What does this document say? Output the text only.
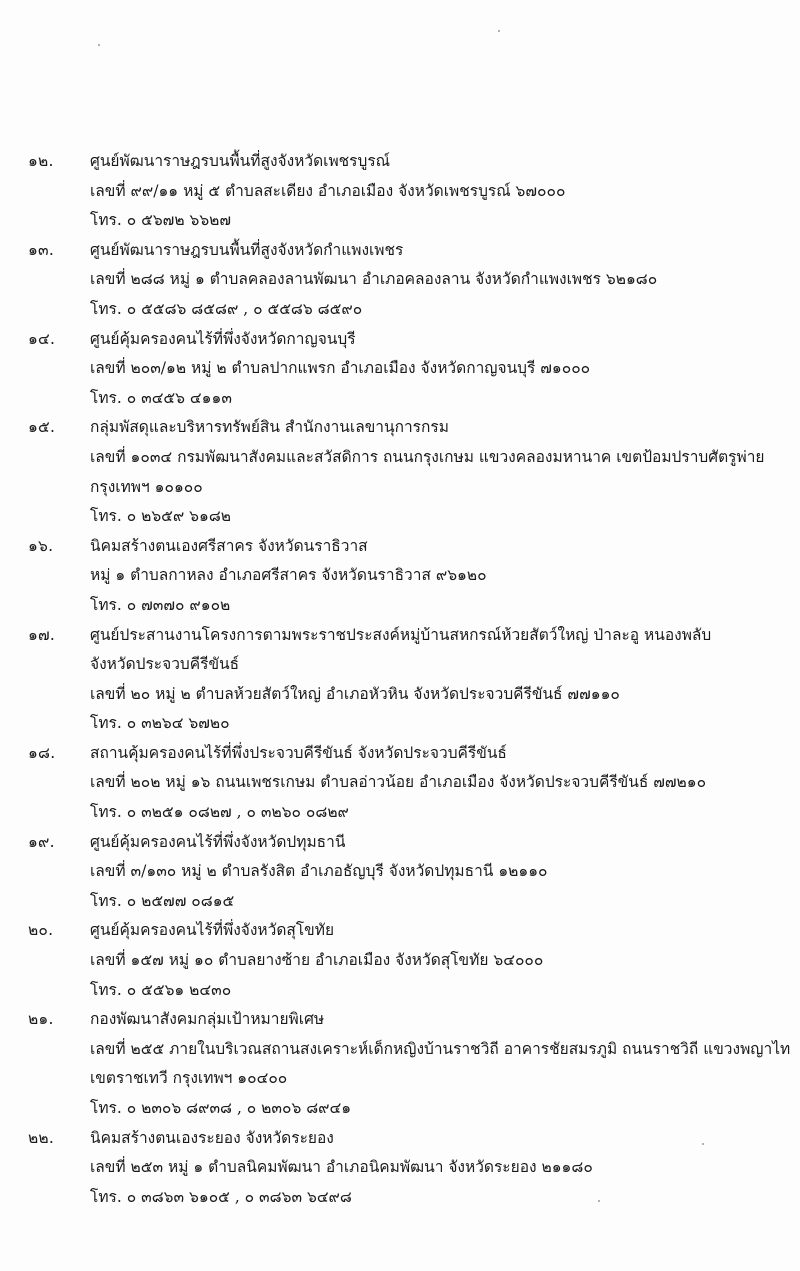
๑๒.	ศูนย์พัฒนาราษฎรบนพื้นที่สูงจังหวัดเพชรบูรณ์
เลขที่ ๙๙/๑๑ หมู่ ๕ ตำบลสะเดียง อำเภอเมือง จังหวัดเพชรบูรณ์ ๖๗๐๐๐
โทร. ๐ ๕๖๗๒ ๖๖๒๗
๑๓.	ศูนย์พัฒนาราษฎรบนพื้นที่สูงจังหวัดกำแพงเพชร
เลขที่ ๒๘๘ หมู่ ๑ ตำบลคลองลานพัฒนา อำเภอคลองลาน จังหวัดกำแพงเพชร ๖๒๑๘๐
โทร. ๐ ๕๕๘๖ ๘๕๘๙ , ๐ ๕๕๘๖ ๘๕๙๐
๑๔.	ศูนย์คุ้มครองคนไร้ที่พึ่งจังหวัดกาญจนบุรี
เลขที่ ๒๐๓/๑๒ หมู่ ๒ ตำบลปากแพรก อำเภอเมือง จังหวัดกาญจนบุรี ๗๑๐๐๐
โทร. ๐ ๓๔๕๖ ๔๑๑๓
๑๕.	กลุ่มพัสดุและบริหารทรัพย์สิน สำนักงานเลขานุการกรม
เลขที่ ๑๐๓๔ กรมพัฒนาสังคมและสวัสดิการ ถนนกรุงเกษม แขวงคลองมหานาค เขตป้อมปราบศัตรูพ่าย
กรุงเทพฯ ๑๐๑๐๐
โทร. ๐ ๒๖๕๙ ๖๑๘๒
๑๖.	นิคมสร้างตนเองศรีสาคร จังหวัดนราธิวาส
หมู่ ๑ ตำบลกาหลง อำเภอศรีสาคร จังหวัดนราธิวาส ๙๖๑๒๐
โทร. ๐ ๗๓๗๐ ๙๑๐๒
๑๗.	ศูนย์ประสานงานโครงการตามพระราชประสงค์หมู่บ้านสหกรณ์ห้วยสัตว์ใหญ่ ป่าละอู หนองพลับ
จังหวัดประจวบคีรีขันธ์
เลขที่ ๒๐ หมู่ ๒ ตำบลห้วยสัตว์ใหญ่ อำเภอหัวหิน จังหวัดประจวบคีรีขันธ์ ๗๗๑๑๐
โทร. ๐ ๓๒๖๔ ๖๗๒๐
๑๘.	สถานคุ้มครองคนไร้ที่พึ่งประจวบคีรีขันธ์ จังหวัดประจวบคีรีขันธ์
เลขที่ ๒๐๒ หมู่ ๑๖ ถนนเพชรเกษม ตำบลอ่าวน้อย อำเภอเมือง จังหวัดประจวบคีรีขันธ์ ๗๗๒๑๐
โทร. ๐ ๓๒๕๑ ๐๘๒๗ , ๐ ๓๒๖๐ ๐๘๒๙
๑๙.	ศูนย์คุ้มครองคนไร้ที่พึ่งจังหวัดปทุมธานี
เลขที่ ๓/๑๓๐ หมู่ ๒ ตำบลรังสิต อำเภอธัญบุรี จังหวัดปทุมธานี ๑๒๑๑๐
โทร. ๐ ๒๕๗๗ ๐๘๑๕
๒๐.	ศูนย์คุ้มครองคนไร้ที่พึ่งจังหวัดสุโขทัย
เลขที่ ๑๕๗ หมู่ ๑๐ ตำบลยางซ้าย อำเภอเมือง จังหวัดสุโขทัย ๖๔๐๐๐
โทร. ๐ ๕๕๖๑ ๒๔๓๐
๒๑.	กองพัฒนาสังคมกลุ่มเป้าหมายพิเศษ
เลขที่ ๒๕๕ ภายในบริเวณสถานสงเคราะห์เด็กหญิงบ้านราชวิถี อาคารชัยสมรภูมิ ถนนราชวิถี แขวงพญาไท
เขตราชเทวี กรุงเทพฯ ๑๐๔๐๐
โทร. ๐ ๒๓๐๖ ๘๙๓๘ , ๐ ๒๓๐๖ ๘๙๔๑
๒๒.	นิคมสร้างตนเองระยอง จังหวัดระยอง
เลขที่ ๒๕๓ หมู่ ๑ ตำบลนิคมพัฒนา อำเภอนิคมพัฒนา จังหวัดระยอง ๒๑๑๘๐
โทร. ๐ ๓๘๖๓ ๖๑๐๕ , ๐ ๓๘๖๓ ๖๔๙๘
